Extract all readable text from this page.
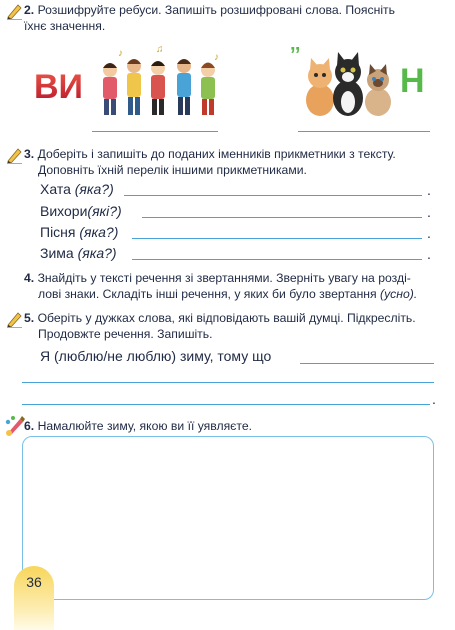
2. Розшифруйте ребуси. Запишіть розшифровані слова. Поясніть
їхнє значення.
ВИ
♪	♫
♪	’’
Н
3. Доберіть і запишіть до поданих іменників прикметники з тексту.
Доповніть їхній перелік іншими прикметниками.
Хата (яка?)	.
Вихори(які?)	.
Пісня (яка?)	.
Зима (яка?)	.
4. Знайдіть у тексті речення зі звертаннями. Зверніть увагу на розді-
лові знаки. Складіть інші речення, у яких би було звертання (усно).
5. Оберіть у дужках слова, які відповідають вашій думці. Підкресліть.
Продовжте речення. Запишіть.
Я (люблю/не люблю) зиму, тому що
.
6. Намалюйте зиму, якою ви її уявляєте.
36
